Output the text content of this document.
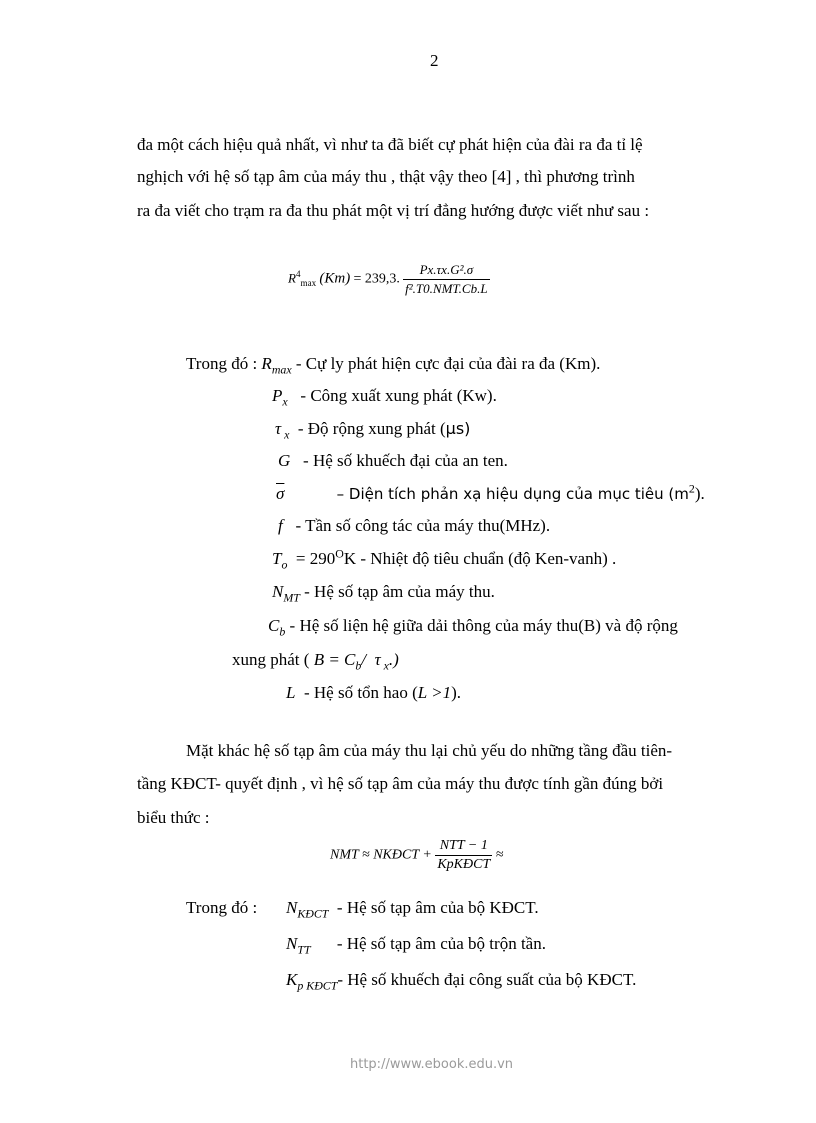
2
đa một cách hiệu quả nhất, vì như ta đã biết cự phát hiện của đài ra đa tỉ lệ
nghịch với hệ số tạp âm của máy thu , thật vậy theo [4] , thì phương trình
ra đa viết cho trạm ra đa thu phát một vị trí đẳng hướng được viết như sau :
$R^4_{max}$ (Km) = 239,3. $\frac{\text{Px.τx.G².σ}}{\text{f².T0.NMT.Cb.L}}$
Trong đó : $R_{max}$ - Cự ly phát hiện cực đại của đài ra đa (Km).
$P_x$ - Công xuất xung phát (Kw).
τ $_x$ - Độ rộng xung phát (μs)
G - Hệ số khuếch đại của an ten.
$\overline{\sigma}$	– Diện tích phản xạ hiệu dụng của mục tiêu $(m^2)$.
f - Tần số công tác của máy thu(MHz).
$T_o = 290^OK$ - Nhiệt độ tiêu chuẩn (độ Ken-vanh) .
$N_{MT}$ - Hệ số tạp âm của máy thu.
$C_b$ - Hệ số liện hệ giữa dải thông của máy thu(B) và độ rộng
xung phát ( $B = C_b/$  τ $_x$.)
L - Hệ số tổn hao (L >1).
Mặt khác hệ số tạp âm của máy thu lại chủ yếu do những tầng đầu tiên-
tầng KĐCT- quyết định , vì hệ số tạp âm của máy thu được tính gần đúng bởi
biểu thức :
NMT ≈ NKĐCT + $\frac{\text{NTT − 1}}{\text{KpKĐCT}}$ ≈
Trong đó : $N_{KĐCT}$ - Hệ số tạp âm của bộ KĐCT.
$N_{TT}$ - Hệ số tạp âm của bộ trộn tần.
$K_{p KĐCT}-$ Hệ số khuếch đại công suất của bộ KĐCT.
http://www.ebook.edu.vn
